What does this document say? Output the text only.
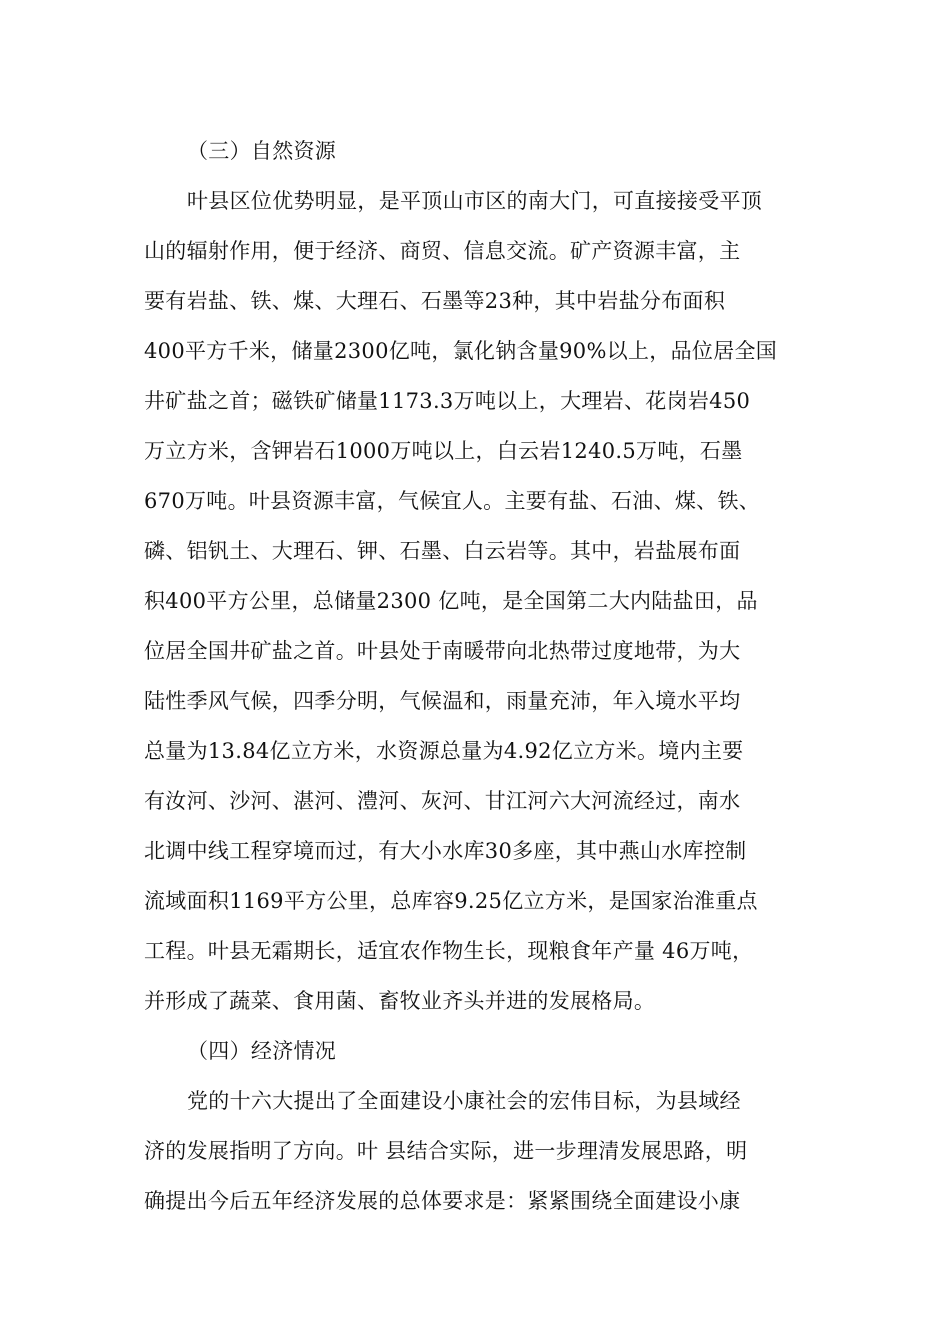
（三）自然资源
叶县区位优势明显，是平顶山市区的南大门，可直接接受平顶
山的辐射作用，便于经济、商贸、信息交流。矿产资源丰富，主
要有岩盐、铁、煤、大理石、石墨等23种，其中岩盐分布面积
400平方千米，储量2300亿吨，氯化钠含量90%以上，品位居全国
井矿盐之首；磁铁矿储量1173.3万吨以上，大理岩、花岗岩450
万立方米，含钾岩石1000万吨以上，白云岩1240.5万吨，石墨
670万吨。叶县资源丰富，气候宜人。主要有盐、石油、煤、铁、
磷、铝钒土、大理石、钾、石墨、白云岩等。其中，岩盐展布面
积400平方公里，总储量2300 亿吨，是全国第二大内陆盐田，品
位居全国井矿盐之首。叶县处于南暖带向北热带过度地带，为大
陆性季风气候，四季分明，气候温和，雨量充沛，年入境水平均
总量为13.84亿立方米，水资源总量为4.92亿立方米。境内主要
有汝河、沙河、湛河、澧河、灰河、甘江河六大河流经过，南水
北调中线工程穿境而过，有大小水库30多座，其中燕山水库控制
流域面积1169平方公里，总库容9.25亿立方米，是国家治淮重点
工程。叶县无霜期长，适宜农作物生长，现粮食年产量 46万吨，
并形成了蔬菜、食用菌、畜牧业齐头并进的发展格局。
（四）经济情况
党的十六大提出了全面建设小康社会的宏伟目标，为县域经
济的发展指明了方向。叶 县结合实际，进一步理清发展思路，明
确提出今后五年经济发展的总体要求是：紧紧围绕全面建设小康
